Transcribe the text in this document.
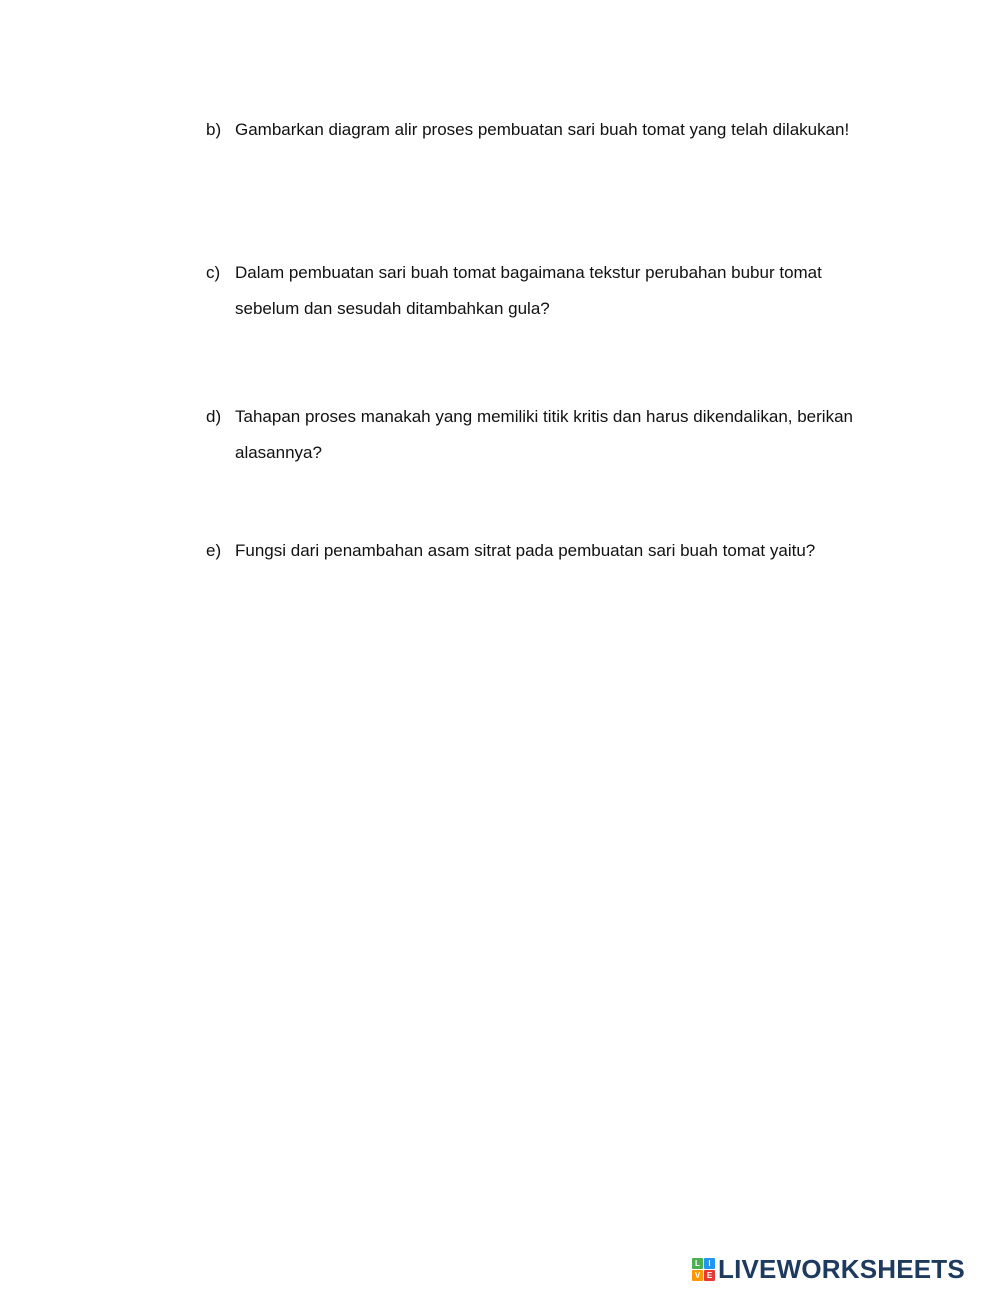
b) Gambarkan diagram alir proses pembuatan sari buah tomat yang telah dilakukan!
c) Dalam pembuatan sari buah tomat bagaimana tekstur perubahan bubur tomat sebelum dan sesudah ditambahkan gula?
d) Tahapan proses manakah yang memiliki titik kritis dan harus dikendalikan, berikan alasannya?
e) Fungsi dari penambahan asam sitrat pada pembuatan sari buah tomat yaitu?
L	I
V E LIVEWORKSHEETS
